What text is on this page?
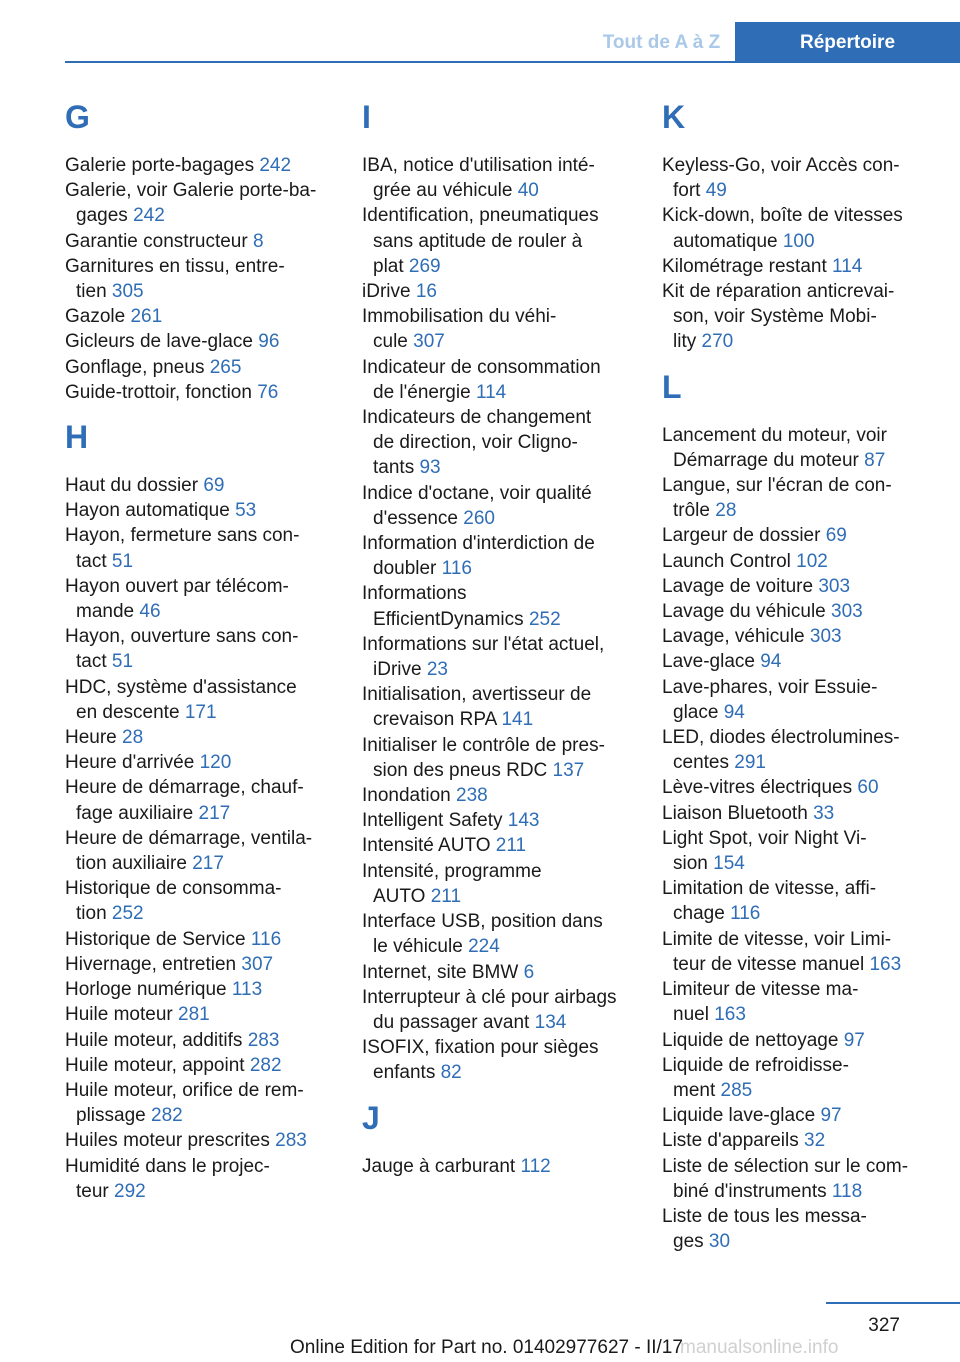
Tout de A à Z	Répertoire
G
Galerie porte-bagages 242
Galerie, voir Galerie porte-ba-
gages 242
Garantie constructeur 8
Garnitures en tissu, entre-
tien 305
Gazole 261
Gicleurs de lave-glace 96
Gonflage, pneus 265
Guide-trottoir, fonction 76
H
Haut du dossier 69
Hayon automatique 53
Hayon, fermeture sans con-
tact 51
Hayon ouvert par télécom-
mande 46
Hayon, ouverture sans con-
tact 51
HDC, système d'assistance
en descente 171
Heure 28
Heure d'arrivée 120
Heure de démarrage, chauf-
fage auxiliaire 217
Heure de démarrage, ventila-
tion auxiliaire 217
Historique de consomma-
tion 252
Historique de Service 116
Hivernage, entretien 307
Horloge numérique 113
Huile moteur 281
Huile moteur, additifs 283
Huile moteur, appoint 282
Huile moteur, orifice de rem-
plissage 282
Huiles moteur prescrites 283
Humidité dans le projec-
teur 292
I
IBA, notice d'utilisation inté-
grée au véhicule 40
Identification, pneumatiques
sans aptitude de rouler à
plat 269
iDrive 16
Immobilisation du véhi-
cule 307
Indicateur de consommation
de l'énergie 114
Indicateurs de changement
de direction, voir Cligno-
tants 93
Indice d'octane, voir qualité
d'essence 260
Information d'interdiction de
doubler 116
Informations
EfficientDynamics 252
Informations sur l'état actuel,
iDrive 23
Initialisation, avertisseur de
crevaison RPA 141
Initialiser le contrôle de pres-
sion des pneus RDC 137
Inondation 238
Intelligent Safety 143
Intensité AUTO 211
Intensité, programme
AUTO 211
Interface USB, position dans
le véhicule 224
Internet, site BMW 6
Interrupteur à clé pour airbags
du passager avant 134
ISOFIX, fixation pour sièges
enfants 82
J
Jauge à carburant 112
K
Keyless-Go, voir Accès con-
fort 49
Kick-down, boîte de vitesses
automatique 100
Kilométrage restant 114
Kit de réparation anticrevai-
son, voir Système Mobi-
lity 270
L
Lancement du moteur, voir
Démarrage du moteur 87
Langue, sur l'écran de con-
trôle 28
Largeur de dossier 69
Launch Control 102
Lavage de voiture 303
Lavage du véhicule 303
Lavage, véhicule 303
Lave-glace 94
Lave-phares, voir Essuie-
glace 94
LED, diodes électrolumines-
centes 291
Lève-vitres électriques 60
Liaison Bluetooth 33
Light Spot, voir Night Vi-
sion 154
Limitation de vitesse, affi-
chage 116
Limite de vitesse, voir Limi-
teur de vitesse manuel 163
Limiteur de vitesse ma-
nuel 163
Liquide de nettoyage 97
Liquide de refroidisse-
ment 285
Liquide lave-glace 97
Liste d'appareils 32
Liste de sélection sur le com-
biné d'instruments 118
Liste de tous les messa-
ges 30
327
Online Edition for Part no. 01402977627 - II/17
manualsonline.info
